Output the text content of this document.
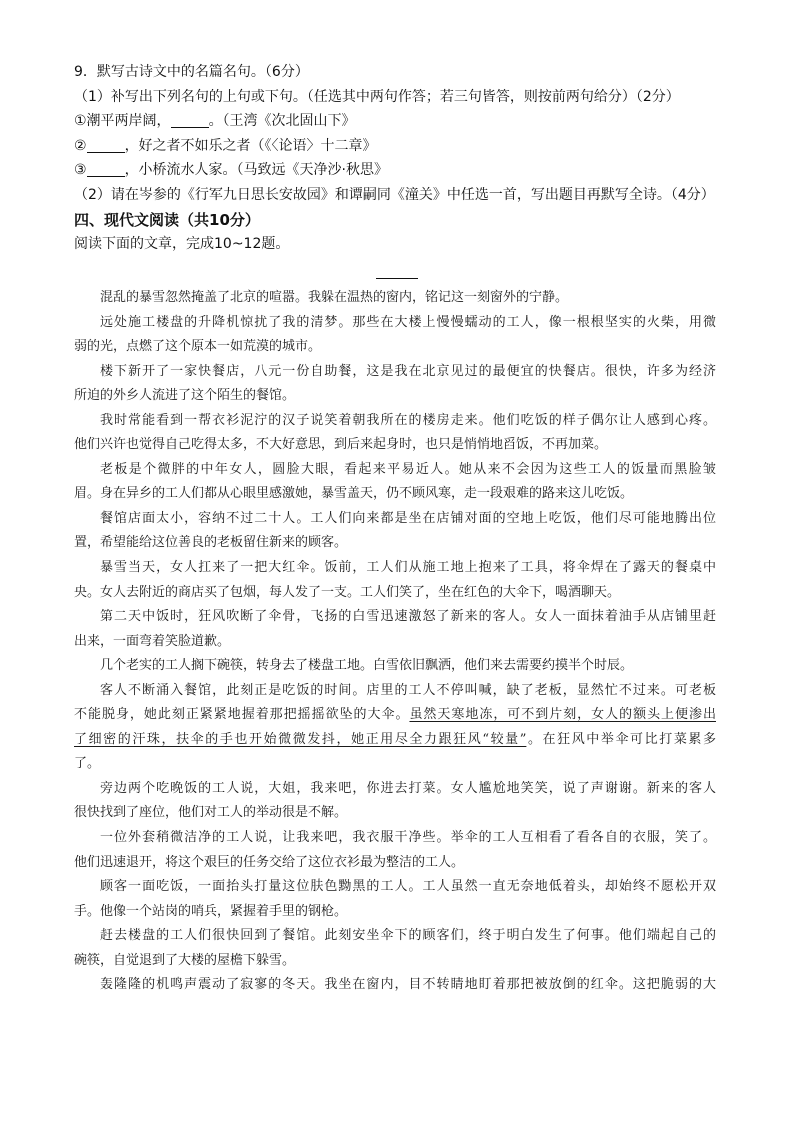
9．默写古诗文中的名篇名句。（6分）
（1）补写出下列名句的上句或下句。（任选其中两句作答；若三句皆答，则按前两句给分）（2分）
①潮平两岸阔，	。（王湾《次北固山下》
②	，好之者不如乐之者（《〈论语〉十二章》
③	，小桥流水人家。（马致远《天净沙·秋思》
（2）请在岑参的《行军九日思长安故园》和谭嗣同《潼关》中任选一首，写出题目再默写全诗。（4分）
四、现代文阅读（共10分）
阅读下面的文章，完成10~12题。
混乱的暴雪忽然掩盖了北京的喧嚣。我躲在温热的窗内，铭记这一刻窗外的宁静。
远处施工楼盘的升降机惊扰了我的清梦。那些在大楼上慢慢蠕动的工人，像一根根坚实的火柴，用微
弱的光，点燃了这个原本一如荒漠的城市。
楼下新开了一家快餐店，八元一份自助餐，这是我在北京见过的最便宜的快餐店。很快，许多为经济
所迫的外乡人流进了这个陌生的餐馆。
我时常能看到一帮衣衫泥泞的汉子说笑着朝我所在的楼房走来。他们吃饭的样子偶尔让人感到心疼。
他们兴许也觉得自己吃得太多，不大好意思，到后来起身时，也只是悄悄地舀饭，不再加菜。
老板是个微胖的中年女人，圆脸大眼，看起来平易近人。她从来不会因为这些工人的饭量而黑脸皱
眉。身在异乡的工人们都从心眼里感激她，暴雪盖天，仍不顾风寒，走一段艰难的路来这儿吃饭。
餐馆店面太小，容纳不过二十人。工人们向来都是坐在店铺对面的空地上吃饭，他们尽可能地腾出位
置，希望能给这位善良的老板留住新来的顾客。
暴雪当天，女人扛来了一把大红伞。饭前，工人们从施工地上抱来了工具，将伞焊在了露天的餐桌中
央。女人去附近的商店买了包烟，每人发了一支。工人们笑了，坐在红色的大伞下，喝酒聊天。
第二天中饭时，狂风吹断了伞骨，飞扬的白雪迅速激怒了新来的客人。女人一面抹着油手从店铺里赶
出来，一面弯着笑脸道歉。
几个老实的工人搁下碗筷，转身去了楼盘工地。白雪依旧飘洒，他们来去需要约摸半个时辰。
客人不断涌入餐馆，此刻正是吃饭的时间。店里的工人不停叫喊，缺了老板，显然忙不过来。可老板
不能脱身，她此刻正紧紧地握着那把摇摇欲坠的大伞。虽然天寒地冻，可不到片刻，女人的额头上便渗出
了细密的汗珠，扶伞的手也开始微微发抖，她正用尽全力跟狂风“较量”。在狂风中举伞可比打菜累多
了。
旁边两个吃晚饭的工人说，大姐，我来吧，你进去打菜。女人尴尬地笑笑，说了声谢谢。新来的客人
很快找到了座位，他们对工人的举动很是不解。
一位外套稍微洁净的工人说，让我来吧，我衣服干净些。举伞的工人互相看了看各自的衣服，笑了。
他们迅速退开，将这个艰巨的任务交给了这位衣衫最为整洁的工人。
顾客一面吃饭，一面抬头打量这位肤色黝黑的工人。工人虽然一直无奈地低着头，却始终不愿松开双
手。他像一个站岗的哨兵，紧握着手里的钢枪。
赶去楼盘的工人们很快回到了餐馆。此刻安坐伞下的顾客们，终于明白发生了何事。他们端起自己的
碗筷，自觉退到了大楼的屋檐下躲雪。
轰隆隆的机鸣声震动了寂寥的冬天。我坐在窗内，目不转睛地盯着那把被放倒的红伞。这把脆弱的大
